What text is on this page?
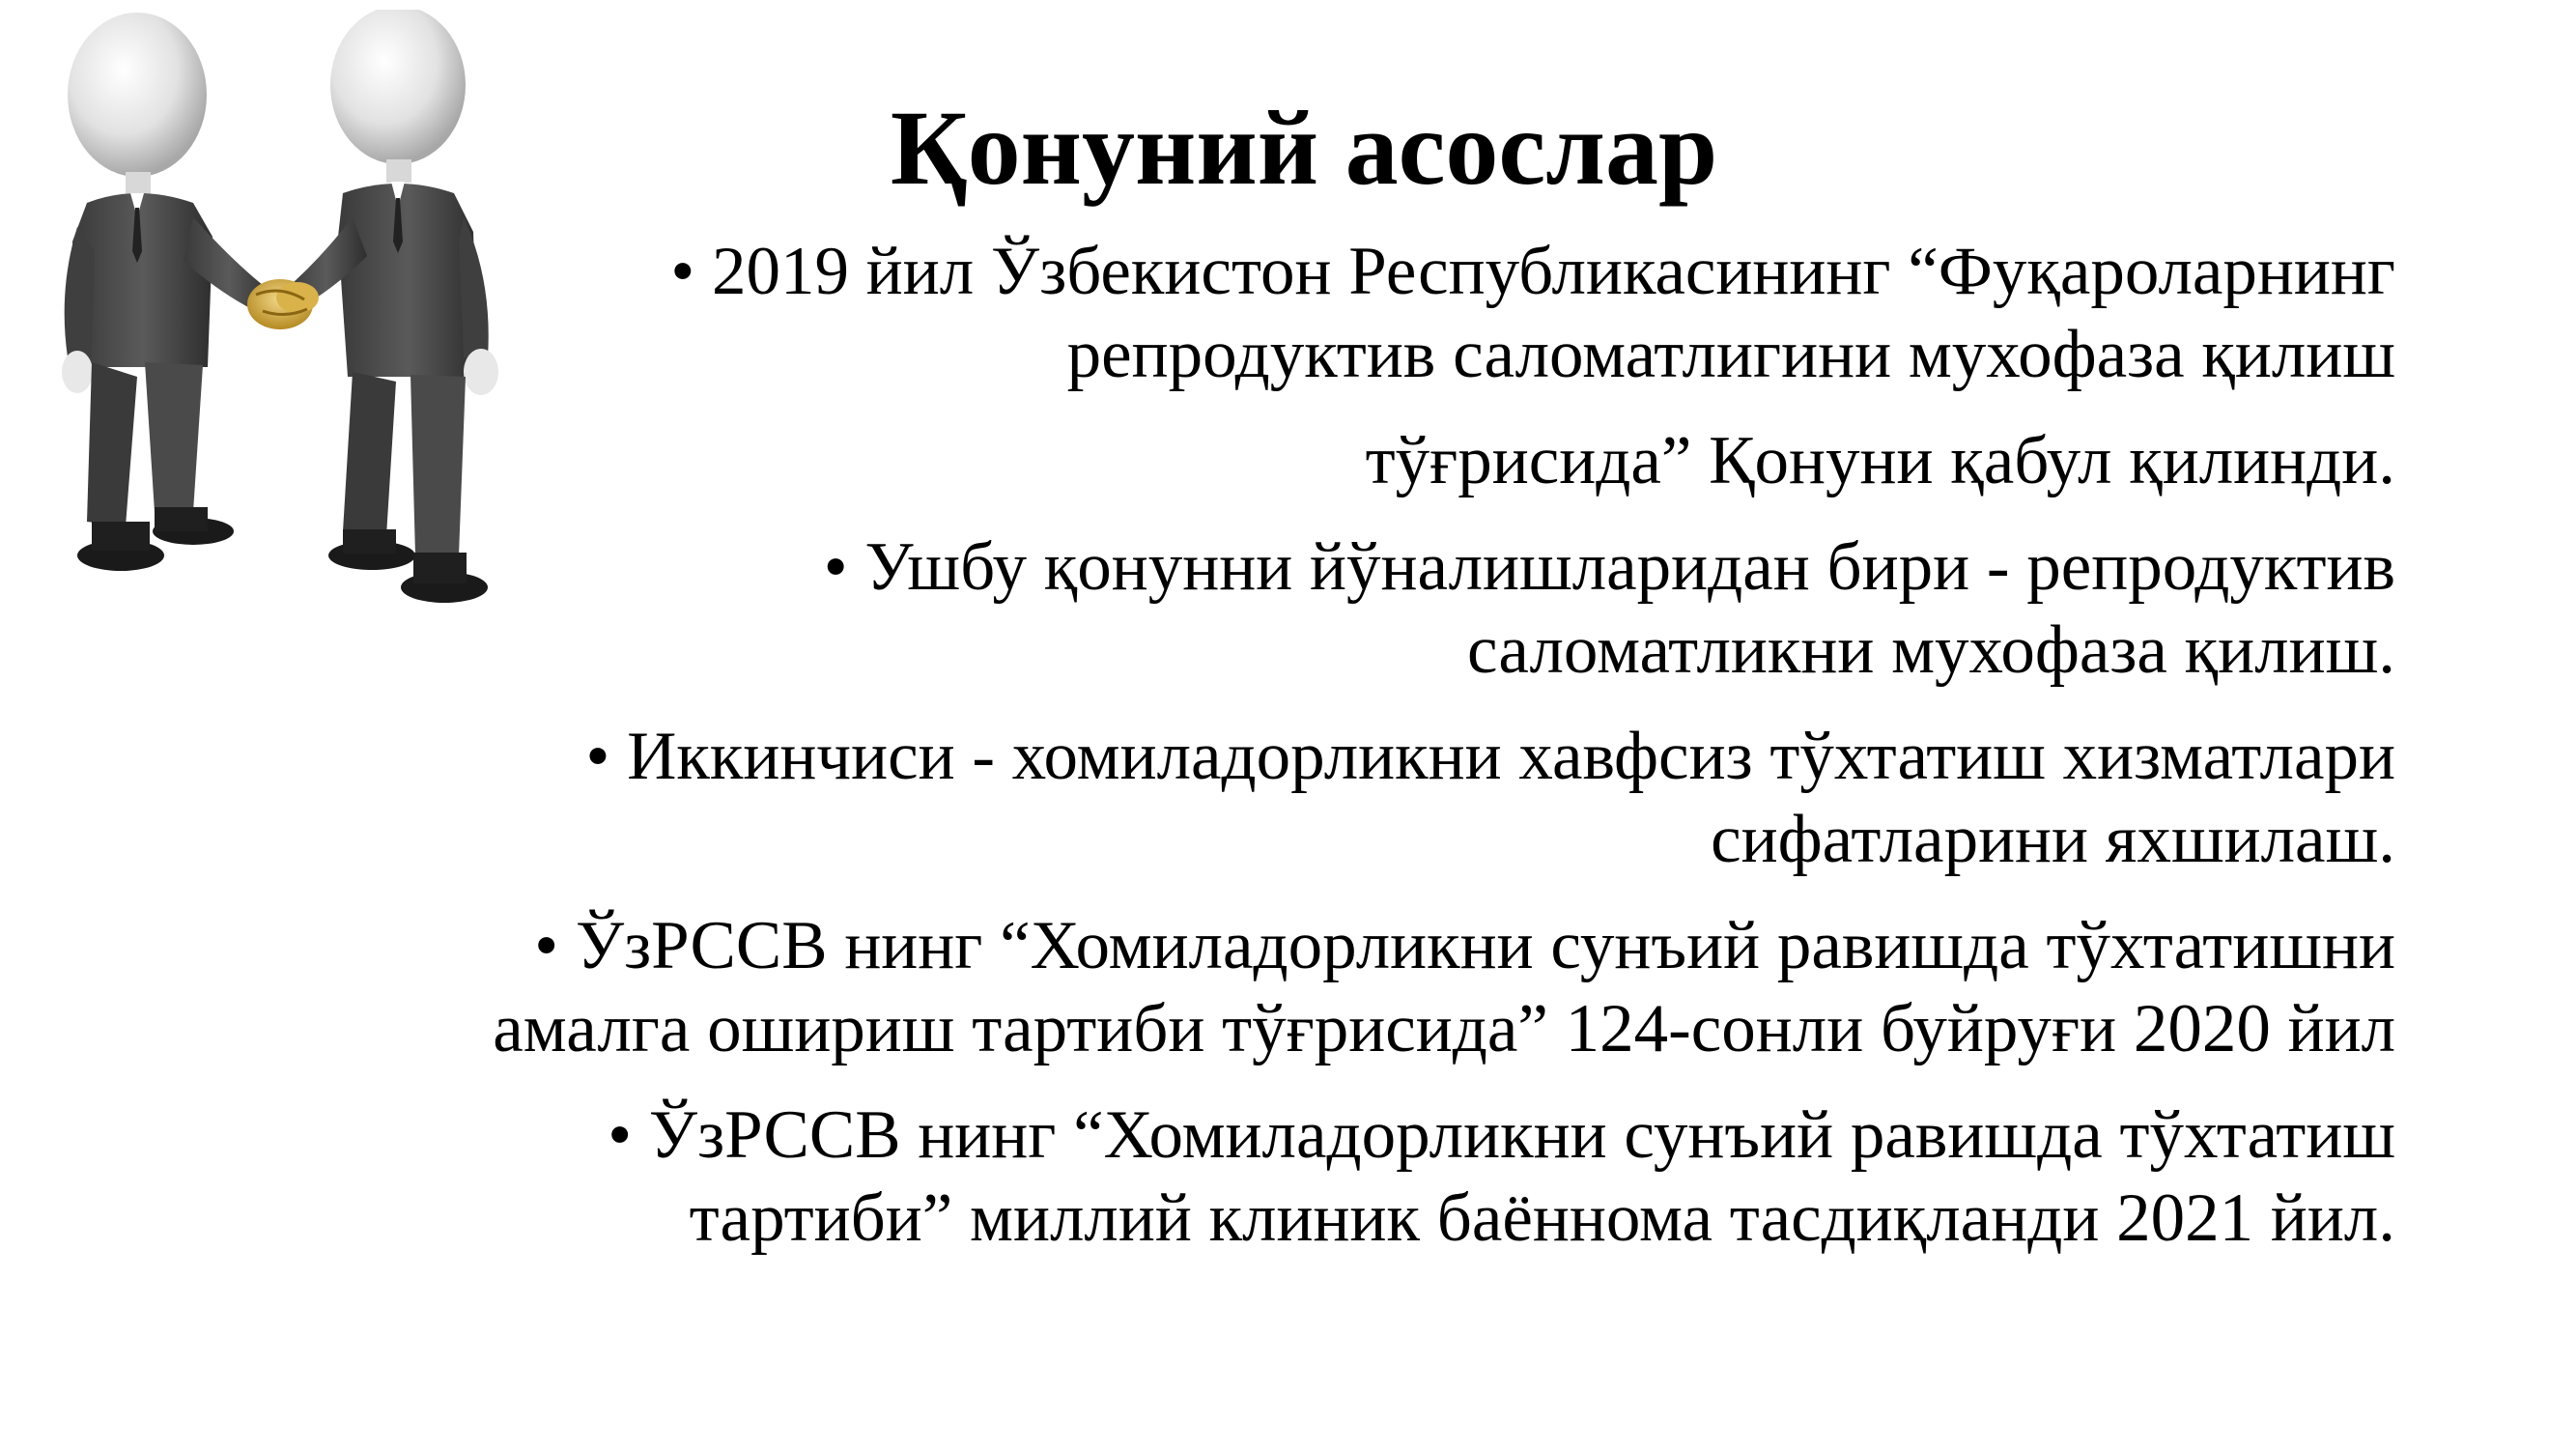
Қонуний асослар

• 2019 йил Ўзбекистон Республикасининг “Фуқароларнинг
репродуктив саломатлигини мухофаза қилиш

тўғрисида” Қонуни қабул қилинди.

• Ушбу қонунни йўналишларидан бири - репродуктив
саломатликни мухофаза қилиш.

• Иккинчиси - хомиладорликни хавфсиз тўхтатиш хизматлари
сифатларини яхшилаш.

• ЎзРССВ нинг “Хомиладорликни сунъий равишда тўхтатишни
амалга ошириш тартиби тўғрисида” 124-сонли буйруғи 2020 йил

• ЎзРССВ нинг “Хомиладорликни сунъий равишда тўхтатиш
тартиби” миллий клиник баённома тасдиқланди 2021 йил.
